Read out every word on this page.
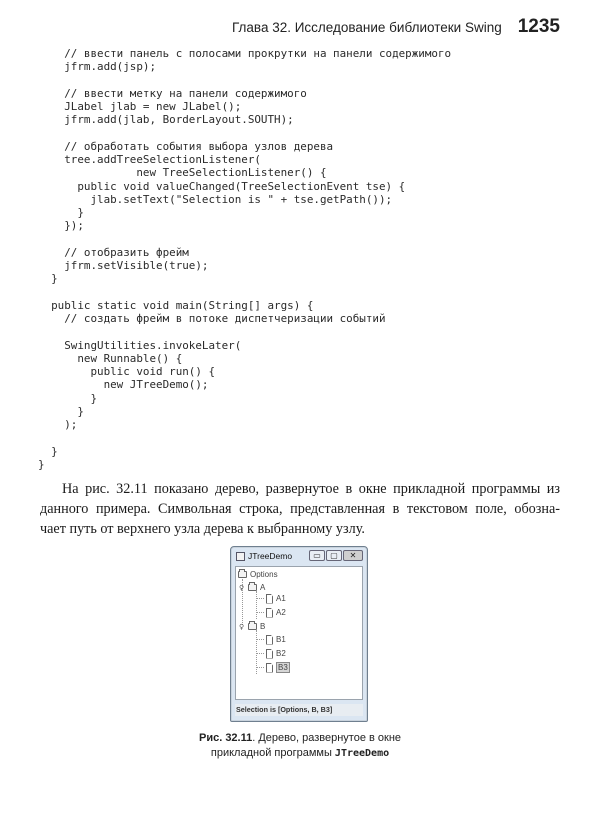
Глава 32. Исследование библиотеки Swing 1235
// ввести панель с полосами прокрутки на панели содержимого
jfrm.add(jsp);
// ввести метку на панели содержимого
JLabel jlab = new JLabel();
jfrm.add(jlab, BorderLayout.SOUTH);
// обработать события выбора узлов дерева
tree.addTreeSelectionListener(
new TreeSelectionListener() {
public void valueChanged(TreeSelectionEvent tse) {
jlab.setText("Selection is " + tse.getPath());
}
});
// отобразить фрейм
jfrm.setVisible(true);
}
public static void main(String[] args) {
// создать фрейм в потоке диспетчеризации событий
SwingUtilities.invokeLater(
new Runnable() {
public void run() {
new JTreeDemo();
}
}
);
}
}
На рис. 32.11 показано дерево, развернутое в окне прикладной программы из
данного примера. Символьная строка, представленная в текстовом поле, обозна-
чает путь от верхнего узла дерева к выбранному узлу.
JTreeDemo	▭	▢	✕
Options
♀ A
A1
A2
♀ B
B1
B2
B3
Selection is [Options, B, B3]
Рис. 32.11. Дерево, развернутое в окне
прикладной программы JTreeDemo
